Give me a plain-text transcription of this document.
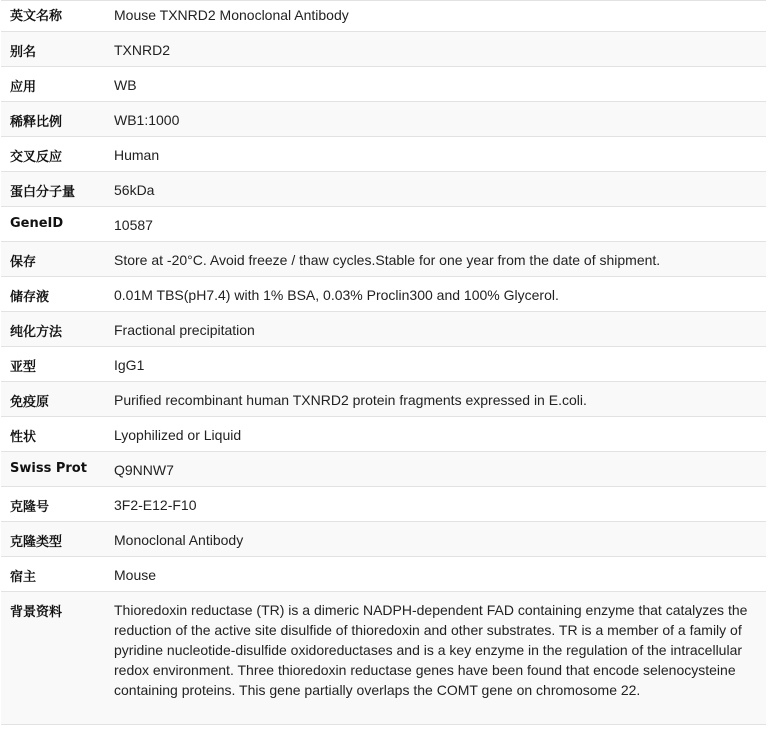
英文名称	Mouse TXNRD2 Monoclonal Antibody
别名	TXNRD2
应用	WB
稀释比例	WB1:1000
交叉反应	Human
蛋白分子量	56kDa
GeneID	10587
保存	Store at -20°C. Avoid freeze / thaw cycles.Stable for one year from the date of shipment.
储存液	0.01M TBS(pH7.4) with 1% BSA, 0.03% Proclin300 and 100% Glycerol.
纯化方法	Fractional precipitation
亚型	IgG1
免疫原	Purified recombinant human TXNRD2 protein fragments expressed in E.coli.
性状	Lyophilized or Liquid
Swiss Prot	Q9NNW7
克隆号	3F2-E12-F10
克隆类型	Monoclonal Antibody
宿主	Mouse
背景资料	Thioredoxin reductase (TR) is a dimeric NADPH-dependent FAD containing enzyme that catalyzes the reduction of the active site disulfide of thioredoxin and other substrates. TR is a member of a family of pyridine nucleotide-disulfide oxidoreductases and is a key enzyme in the regulation of the intracellular redox environment. Three thioredoxin reductase genes have been found that encode selenocysteine containing proteins. This gene partially overlaps the COMT gene on chromosome 22.
